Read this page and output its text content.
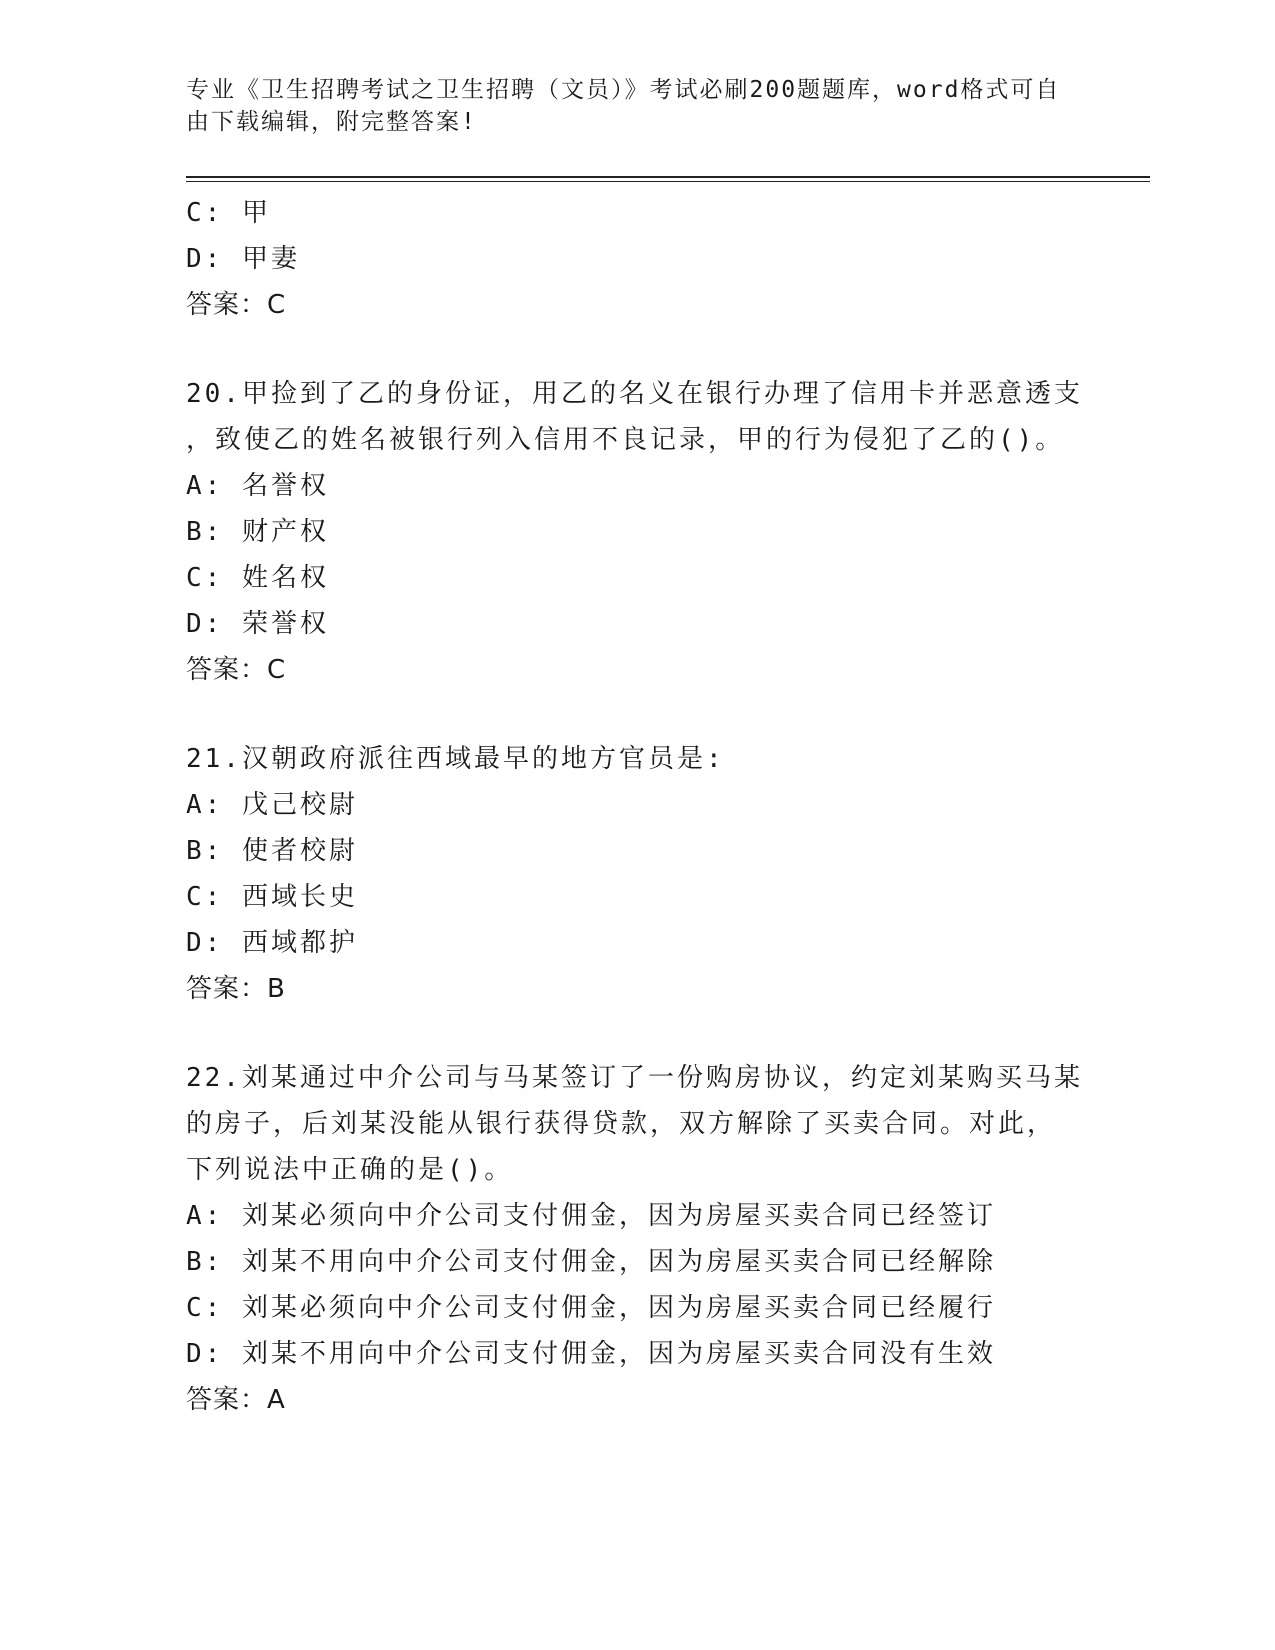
专业《卫生招聘考试之卫生招聘（文员）》考试必刷200题题库，word格式可自
由下载编辑，附完整答案!
C: 甲
D: 甲妻
答案：C
20.甲捡到了乙的身份证，用乙的名义在银行办理了信用卡并恶意透支
，致使乙的姓名被银行列入信用不良记录，甲的行为侵犯了乙的()。
A: 名誉权
B: 财产权
C: 姓名权
D: 荣誉权
答案：C
21.汉朝政府派往西域最早的地方官员是:
A: 戊己校尉
B: 使者校尉
C: 西域长史
D: 西域都护
答案：B
22.刘某通过中介公司与马某签订了一份购房协议，约定刘某购买马某
的房子，后刘某没能从银行获得贷款，双方解除了买卖合同。对此，
下列说法中正确的是()。
A: 刘某必须向中介公司支付佣金，因为房屋买卖合同已经签订
B: 刘某不用向中介公司支付佣金，因为房屋买卖合同已经解除
C: 刘某必须向中介公司支付佣金，因为房屋买卖合同已经履行
D: 刘某不用向中介公司支付佣金，因为房屋买卖合同没有生效
答案：A
